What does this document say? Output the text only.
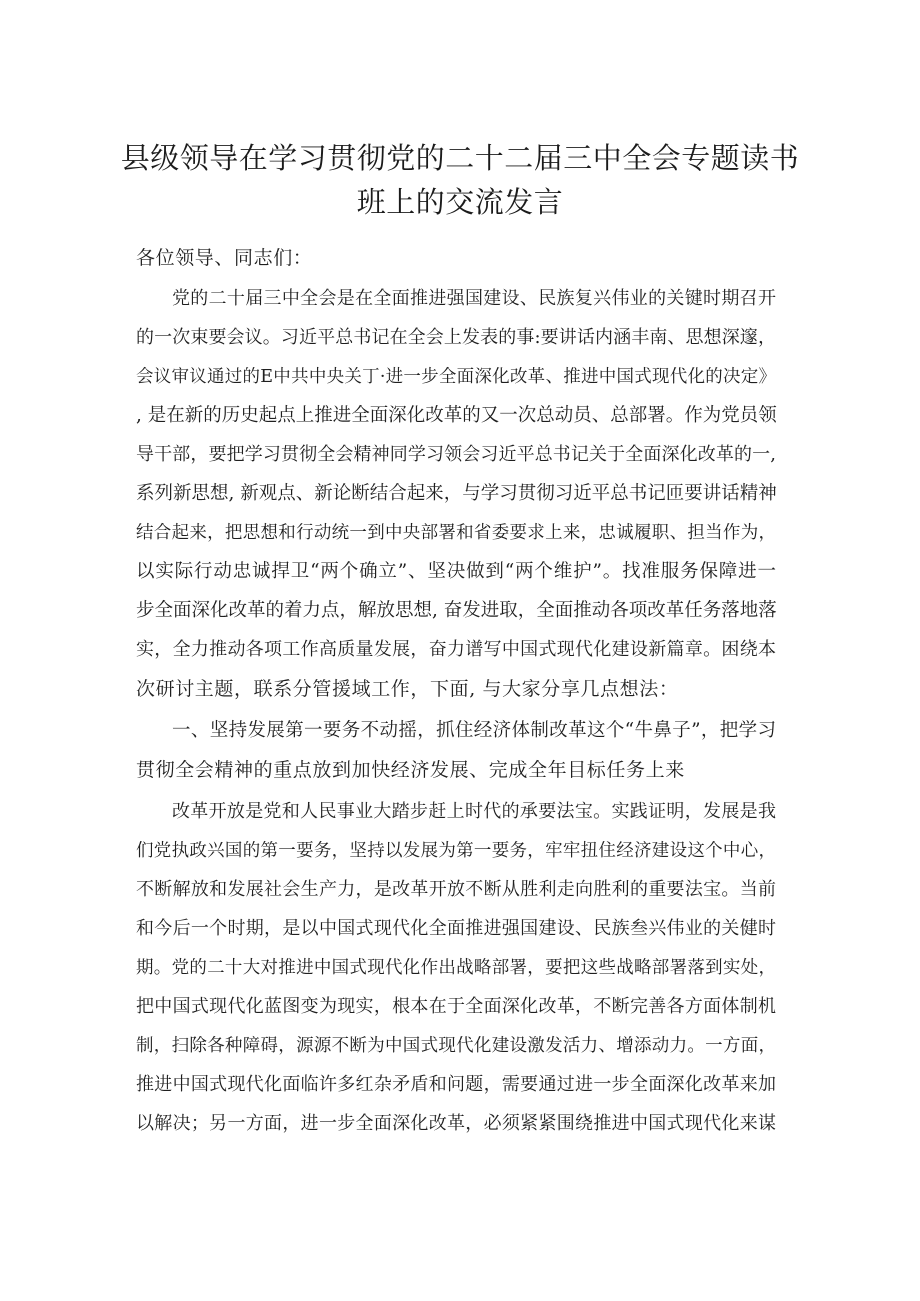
县级领导在学习贯彻党的二十二届三中全会专题读书
班上的交流发言
各位领导、同志们：
党的二十届三中全会是在全面推进强国建设、民族复兴伟业的关键时期召开
的一次束要会议。习近平总书记在全会上发表的事:要讲话内涵丰南、思想深邃，
会议审议通过的E中共中央关丁·进一步全面深化改革、推进中国式现代化的决定》
, 是在新的历史起点上推进全面深化改革的又一次总动员、总部署。作为党员领
导干部，要把学习贯彻全会精神同学习领会习近平总书记关于全面深化改革的一,
系列新思想, 新观点、新论断结合起来，与学习贯彻习近平总书记匝要讲话精神
结合起来，把思想和行动统一到中央部署和省委要求上来，忠诚履职、担当作为，
以实际行动忠诚捍卫“两个确立”、坚决做到“两个维护”。找准服务保障进一
步全面深化改革的着力点，解放思想, 奋发进取，全面推动各项改革任务落地落
实，全力推动各项工作高质量发展，奋力谱写中国式现代化建设新篇章。困绕本
次研讨主题，联系分管援域工作，下面, 与大家分享几点想法：
一、坚持发展第一要务不动摇，抓住经济体制改革这个“牛鼻子”，把学习
贯彻全会精神的重点放到加快经济发展、完成全年目标任务上来
改革开放是党和人民事业大踏步赶上时代的承要法宝。实践证明，发展是我
们党执政兴国的第一要务，坚持以发展为第一要务，牢牢扭住经济建设这个中心，
不断解放和发展社会生产力，是改革开放不断从胜利走向胜利的重要法宝。当前
和今后一个时期，是以中国式现代化全面推进强国建设、民族叁兴伟业的关健时
期。党的二十大对推进中国式现代化作出战略部署，要把这些战略部署落到实处，
把中国式现代化蓝图变为现实，根本在于全面深化改革，不断完善各方面体制机
制，扫除各种障碍，源源不断为中国式现代化建设激发活力、增添动力。一方面，
推进中国式现代化面临许多红杂矛盾和问题，需要通过进一步全面深化改革来加
以解决；另一方面，进一步全面深化改革，必须紧紧围绕推进中国式现代化来谋
